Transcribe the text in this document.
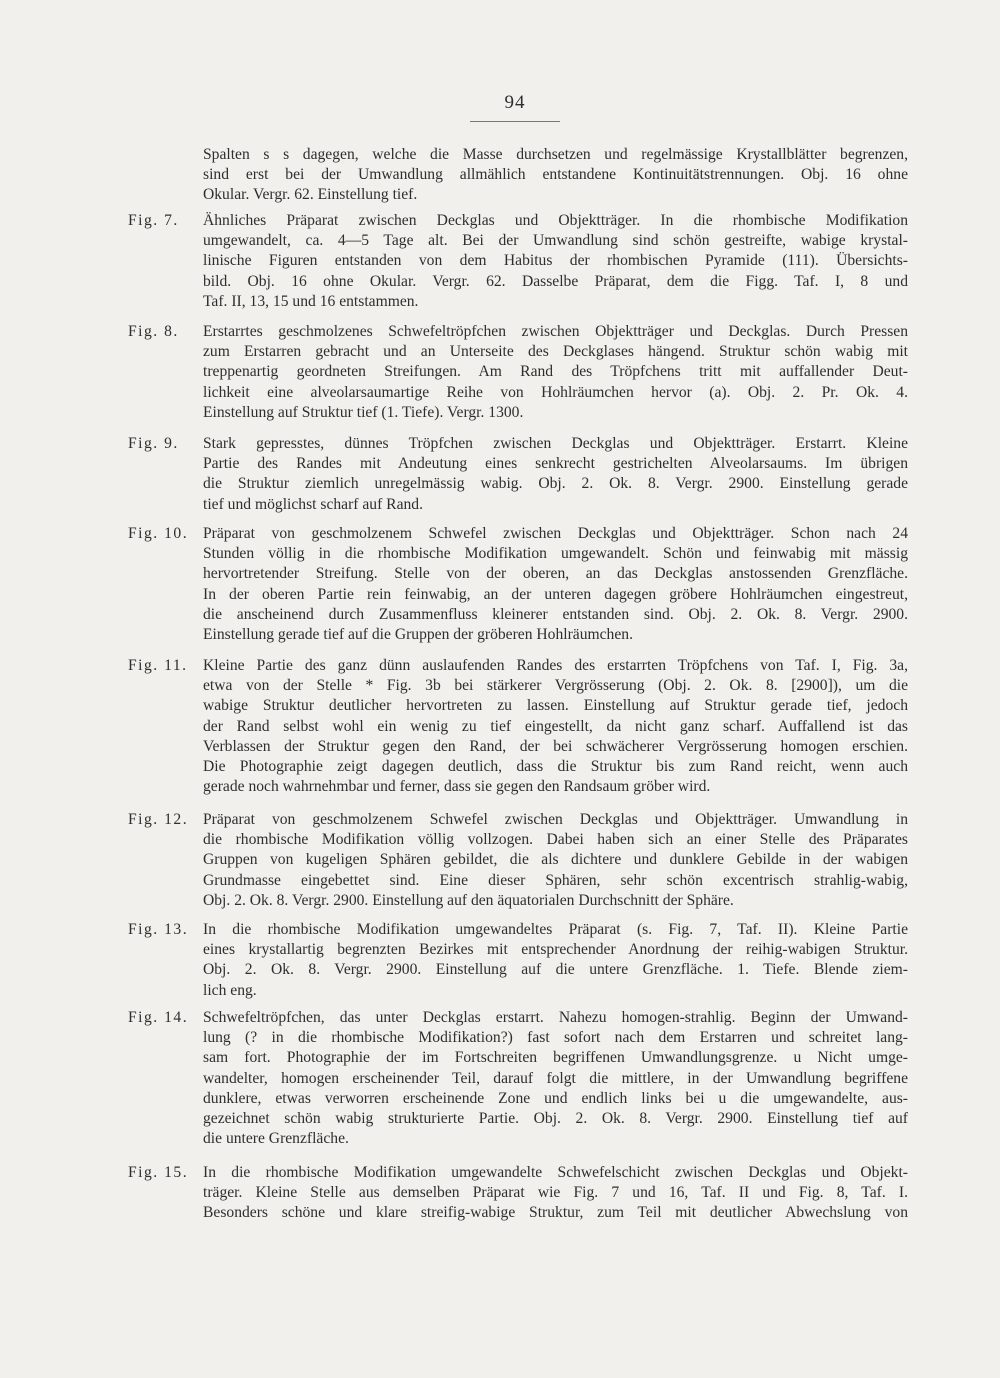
94
Spalten s s dagegen, welche die Masse durchsetzen und regelmässige Krystallblätter begrenzen,
sind erst bei der Umwandlung allmählich entstandene Kontinuitätstrennungen. Obj. 16 ohne
Okular. Vergr. 62. Einstellung tief.
Fig. 7.	Ähnliches Präparat zwischen Deckglas und Objektträger. In die rhombische Modifikation
umgewandelt, ca. 4—5 Tage alt. Bei der Umwandlung sind schön gestreifte, wabige krystal-
linische Figuren entstanden von dem Habitus der rhombischen Pyramide (111). Übersichts-
bild. Obj. 16 ohne Okular. Vergr. 62. Dasselbe Präparat, dem die Figg. Taf. I, 8 und
Taf. II, 13, 15 und 16 entstammen.
Fig. 8.	Erstarrtes geschmolzenes Schwefeltröpfchen zwischen Objektträger und Deckglas. Durch Pressen
zum Erstarren gebracht und an Unterseite des Deckglases hängend. Struktur schön wabig mit
treppenartig geordneten Streifungen. Am Rand des Tröpfchens tritt mit auffallender Deut-
lichkeit eine alveolarsaumartige Reihe von Hohlräumchen hervor (a). Obj. 2. Pr. Ok. 4.
Einstellung auf Struktur tief (1. Tiefe). Vergr. 1300.
Fig. 9.	Stark gepresstes, dünnes Tröpfchen zwischen Deckglas und Objektträger. Erstarrt. Kleine
Partie des Randes mit Andeutung eines senkrecht gestrichelten Alveolarsaums. Im übrigen
die Struktur ziemlich unregelmässig wabig. Obj. 2. Ok. 8. Vergr. 2900. Einstellung gerade
tief und möglichst scharf auf Rand.
Fig. 10. Präparat von geschmolzenem Schwefel zwischen Deckglas und Objektträger. Schon nach 24
Stunden völlig in die rhombische Modifikation umgewandelt. Schön und feinwabig mit mässig
hervortretender Streifung. Stelle von der oberen, an das Deckglas anstossenden Grenzfläche.
In der oberen Partie rein feinwabig, an der unteren dagegen gröbere Hohlräumchen eingestreut,
die anscheinend durch Zusammenfluss kleinerer entstanden sind. Obj. 2. Ok. 8. Vergr. 2900.
Einstellung gerade tief auf die Gruppen der gröberen Hohlräumchen.
Fig. 11. Kleine Partie des ganz dünn auslaufenden Randes des erstarrten Tröpfchens von Taf. I, Fig. 3a,
etwa von der Stelle * Fig. 3b bei stärkerer Vergrösserung (Obj. 2. Ok. 8. [2900]), um die
wabige Struktur deutlicher hervortreten zu lassen. Einstellung auf Struktur gerade tief, jedoch
der Rand selbst wohl ein wenig zu tief eingestellt, da nicht ganz scharf. Auffallend ist das
Verblassen der Struktur gegen den Rand, der bei schwächerer Vergrösserung homogen erschien.
Die Photographie zeigt dagegen deutlich, dass die Struktur bis zum Rand reicht, wenn auch
gerade noch wahrnehmbar und ferner, dass sie gegen den Randsaum gröber wird.
Fig. 12. Präparat von geschmolzenem Schwefel zwischen Deckglas und Objektträger. Umwandlung in
die rhombische Modifikation völlig vollzogen. Dabei haben sich an einer Stelle des Präparates
Gruppen von kugeligen Sphären gebildet, die als dichtere und dunklere Gebilde in der wabigen
Grundmasse eingebettet sind. Eine dieser Sphären, sehr schön excentrisch strahlig-wabig,
Obj. 2. Ok. 8. Vergr. 2900. Einstellung auf den äquatorialen Durchschnitt der Sphäre.
Fig. 13. In die rhombische Modifikation umgewandeltes Präparat (s. Fig. 7, Taf. II). Kleine Partie
eines krystallartig begrenzten Bezirkes mit entsprechender Anordnung der reihig-wabigen Struktur.
Obj. 2. Ok. 8. Vergr. 2900. Einstellung auf die untere Grenzfläche. 1. Tiefe. Blende ziem-
lich eng.
Fig. 14. Schwefeltröpfchen, das unter Deckglas erstarrt. Nahezu homogen-strahlig. Beginn der Umwand-
lung (? in die rhombische Modifikation?) fast sofort nach dem Erstarren und schreitet lang-
sam fort. Photographie der im Fortschreiten begriffenen Umwandlungsgrenze. u Nicht umge-
wandelter, homogen erscheinender Teil, darauf folgt die mittlere, in der Umwandlung begriffene
dunklere, etwas verworren erscheinende Zone und endlich links bei u die umgewandelte, aus-
gezeichnet schön wabig strukturierte Partie. Obj. 2. Ok. 8. Vergr. 2900. Einstellung tief auf
die untere Grenzfläche.
Fig. 15. In die rhombische Modifikation umgewandelte Schwefelschicht zwischen Deckglas und Objekt-
träger. Kleine Stelle aus demselben Präparat wie Fig. 7 und 16, Taf. II und Fig. 8, Taf. I.
Besonders schöne und klare streifig-wabige Struktur, zum Teil mit deutlicher Abwechslung von
